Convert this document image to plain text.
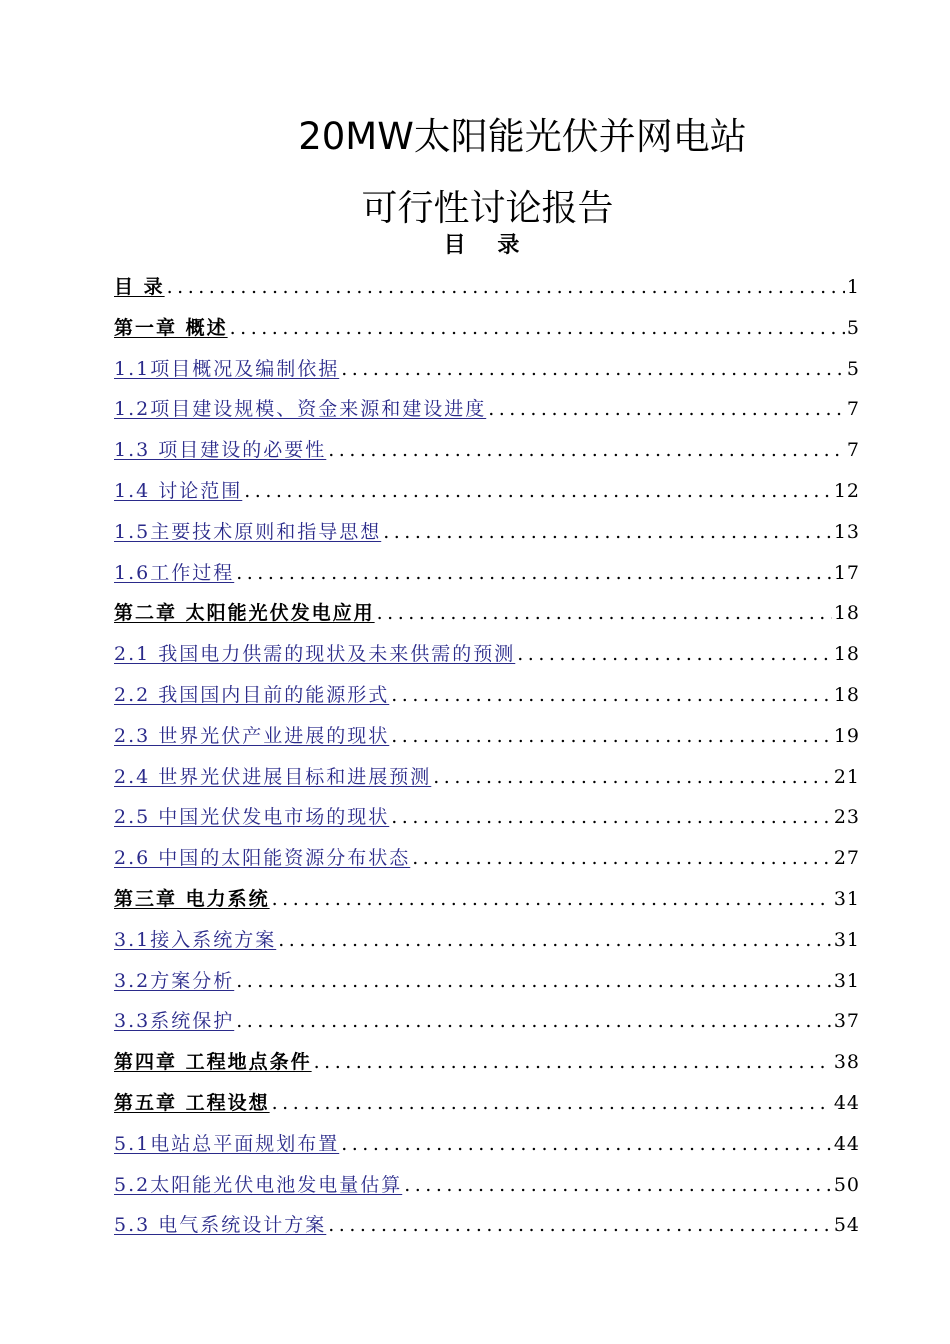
20MW太阳能光伏并网电站
可行性讨论报告
目 录
目 录 .....	1
第一章 概述 .....	5
1.1项目概况及编制依据 .....	5
1.2项目建设规模、资金来源和建设进度 .....	7
1.3 项目建设的必要性 .....	7
1.4 讨论范围 .....	12
1.5主要技术原则和指导思想 .....	13
1.6工作过程 .....	17
第二章 太阳能光伏发电应用 .....	18
2.1 我国电力供需的现状及未来供需的预测 .....	18
2.2 我国国内目前的能源形式 .....	18
2.3 世界光伏产业进展的现状 .....	19
2.4 世界光伏进展目标和进展预测 .....	21
2.5 中国光伏发电市场的现状 .....	23
2.6 中国的太阳能资源分布状态 .....	27
第三章 电力系统 .....	31
3.1接入系统方案 .....	31
3.2方案分析 .....	31
3.3系统保护 .....	37
第四章 工程地点条件 .....	38
第五章 工程设想 .....	44
5.1电站总平面规划布置 .....	44
5.2太阳能光伏电池发电量估算 .....	50
5.3 电气系统设计方案 .....	54
